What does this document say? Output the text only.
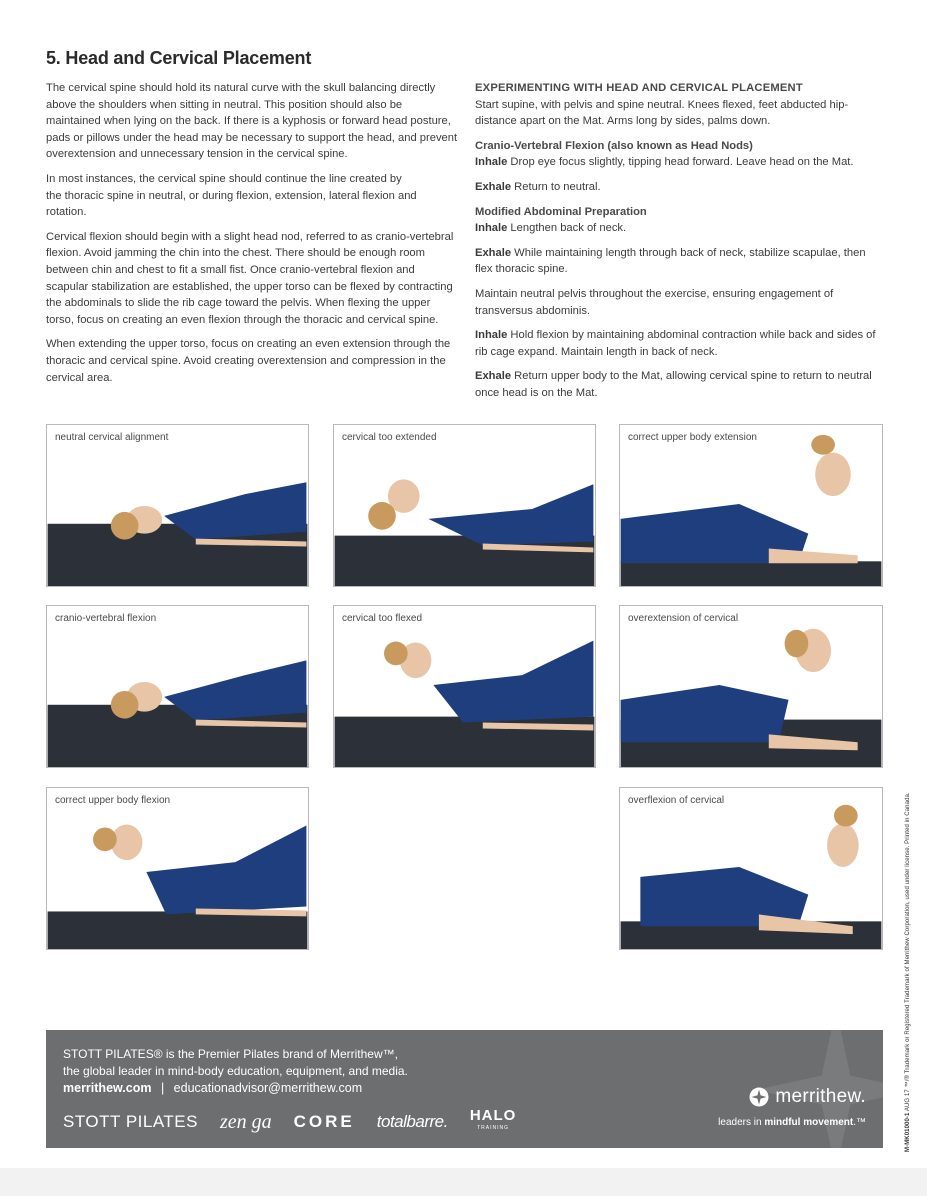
5. Head and Cervical Placement

The cervical spine should hold its natural curve with the skull balancing directly above the shoulders when sitting in neutral. This position should also be maintained when lying on the back. If there is a kyphosis or forward head posture, pads or pillows under the head may be necessary to support the head, and prevent overextension and unnecessary tension in the cervical spine.

In most instances, the cervical spine should continue the line created by the thoracic spine in neutral, or during flexion, extension, lateral flexion and rotation.

Cervical flexion should begin with a slight head nod, referred to as cranio-vertebral flexion. Avoid jamming the chin into the chest. There should be enough room between chin and chest to fit a small fist. Once cranio-vertebral flexion and scapular stabilization are established, the upper torso can be flexed by contracting the abdominals to slide the rib cage toward the pelvis. When flexing the upper torso, focus on creating an even flexion through the thoracic and cervical spine.

When extending the upper torso, focus on creating an even extension through the thoracic and cervical spine. Avoid creating overextension and compression in the cervical area.

EXPERIMENTING WITH HEAD AND CERVICAL PLACEMENT

Start supine, with pelvis and spine neutral. Knees flexed, feet abducted hip-distance apart on the Mat. Arms long by sides, palms down.

Cranio-Vertebral Flexion (also known as Head Nods)

Inhale Drop eye focus slightly, tipping head forward. Leave head on the Mat.

Exhale Return to neutral.

Modified Abdominal Preparation

Inhale Lengthen back of neck.

Exhale While maintaining length through back of neck, stabilize scapulae, then flex thoracic spine.

Maintain neutral pelvis throughout the exercise, ensuring engagement of transversus abdominis.

Inhale Hold flexion by maintaining abdominal contraction while back and sides of rib cage expand. Maintain length in back of neck.

Exhale Return upper body to the Mat, allowing cervical spine to return to neutral once head is on the Mat.

neutral cervical alignment	cervical too extended	correct upper body extension
cranio-vertebral flexion	cervical too flexed	overextension of cervical
correct upper body flexion	overflexion of cervical
STOTT PILATES® is the Premier Pilates brand of Merrithew™,
the global leader in mind-body education, equipment, and media.
merrithew.com | educationadvisor@merrithew.com
STOTT PILATES zen ga CORE totalbarre. HALO
TRAINING
merrithew.
leaders in mindful movement.™	M-MK01000-1 AUG 17 ™/® Trademark or Registered Trademark of Merrithew Corporation, used under license. Printed in Canada.
